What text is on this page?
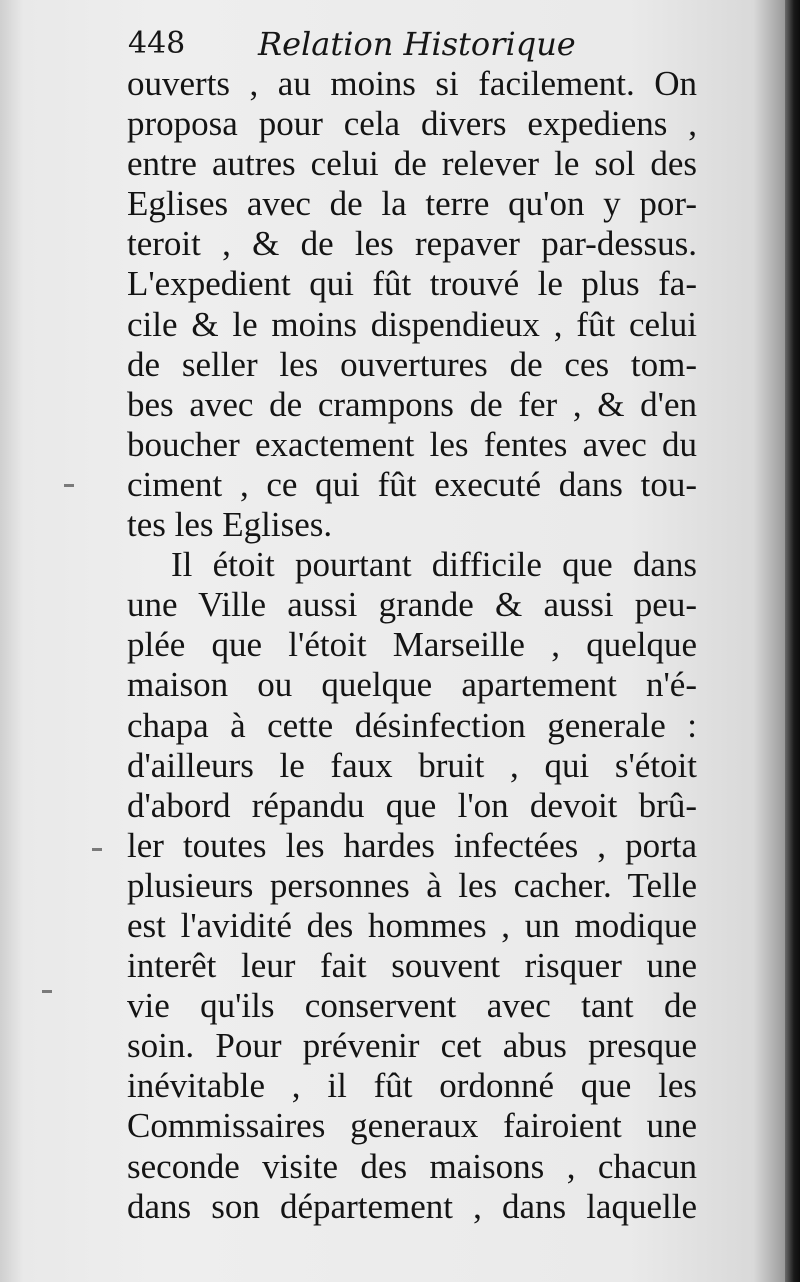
448 Relation Historique
ouverts , au moins si facilement. On
proposa pour cela divers expediens ,
entre autres celui de relever le sol des
Eglises avec de la terre qu'on y por-
teroit , & de les repaver par-dessus.
L'expedient qui fût trouvé le plus fa-
cile & le moins dispendieux , fût celui
de seller les ouvertures de ces tom-
bes avec de crampons de fer , & d'en
boucher exactement les fentes avec du
ciment , ce qui fût executé dans tou-
tes les Eglises.
Il étoit pourtant difficile que dans
une Ville aussi grande & aussi peu-
plée que l'étoit Marseille , quelque
maison ou quelque apartement n'é-
chapa à cette désinfection generale :
d'ailleurs le faux bruit , qui s'étoit
d'abord répandu que l'on devoit brû-
ler toutes les hardes infectées , porta
plusieurs personnes à les cacher. Telle
est l'avidité des hommes , un modique
interêt leur fait souvent risquer une
vie qu'ils conservent avec tant de
soin. Pour prévenir cet abus presque
inévitable , il fût ordonné que les
Commissaires generaux fairoient une
seconde visite des maisons , chacun
dans son département , dans laquelle
